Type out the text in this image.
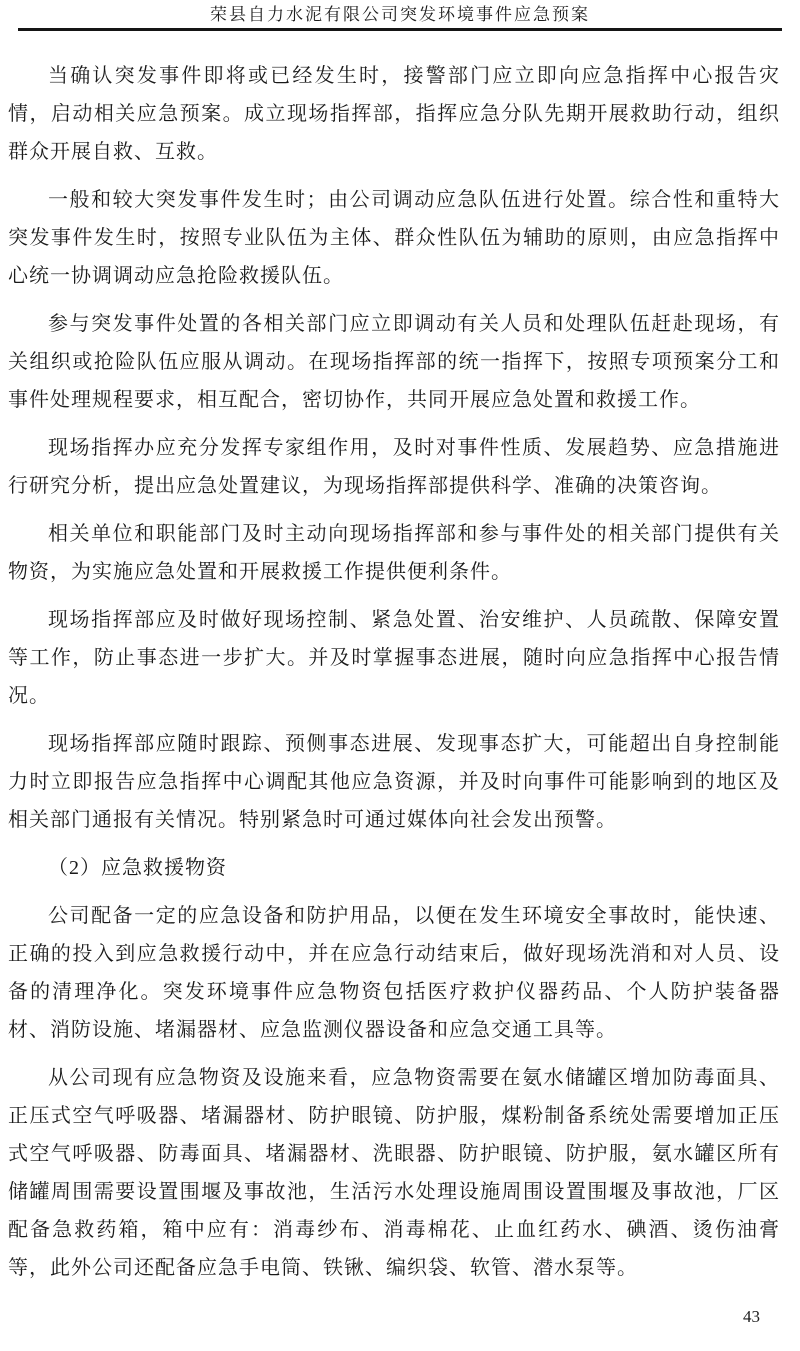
荣县自力水泥有限公司突发环境事件应急预案

当确认突发事件即将或已经发生时，接警部门应立即向应急指挥中心报告灾情，启动相关应急预案。成立现场指挥部，指挥应急分队先期开展救助行动，组织群众开展自救、互救。

一般和较大突发事件发生时；由公司调动应急队伍进行处置。综合性和重特大突发事件发生时，按照专业队伍为主体、群众性队伍为辅助的原则，由应急指挥中心统一协调调动应急抢险救援队伍。

参与突发事件处置的各相关部门应立即调动有关人员和处理队伍赶赴现场，有关组织或抢险队伍应服从调动。在现场指挥部的统一指挥下，按照专项预案分工和事件处理规程要求，相互配合，密切协作，共同开展应急处置和救援工作。

现场指挥办应充分发挥专家组作用，及时对事件性质、发展趋势、应急措施进行研究分析，提出应急处置建议，为现场指挥部提供科学、准确的决策咨询。

相关单位和职能部门及时主动向现场指挥部和参与事件处的相关部门提供有关物资，为实施应急处置和开展救援工作提供便利条件。

现场指挥部应及时做好现场控制、紧急处置、治安维护、人员疏散、保障安置等工作，防止事态进一步扩大。并及时掌握事态进展，随时向应急指挥中心报告情况。

现场指挥部应随时跟踪、预侧事态进展、发现事态扩大，可能超出自身控制能力时立即报告应急指挥中心调配其他应急资源，并及时向事件可能影响到的地区及相关部门通报有关情况。特别紧急时可通过媒体向社会发出预警。

（2）应急救援物资

公司配备一定的应急设备和防护用品，以便在发生环境安全事故时，能快速、正确的投入到应急救援行动中，并在应急行动结束后，做好现场洗消和对人员、设备的清理净化。突发环境事件应急物资包括医疗救护仪器药品、个人防护装备器材、消防设施、堵漏器材、应急监测仪器设备和应急交通工具等。

从公司现有应急物资及设施来看，应急物资需要在氨水储罐区增加防毒面具、正压式空气呼吸器、堵漏器材、防护眼镜、防护服，煤粉制备系统处需要增加正压式空气呼吸器、防毒面具、堵漏器材、洗眼器、防护眼镜、防护服，氨水罐区所有储罐周围需要设置围堰及事故池，生活污水处理设施周围设置围堰及事故池，厂区配备急救药箱，箱中应有：消毒纱布、消毒棉花、止血红药水、碘酒、烫伤油膏等，此外公司还配备应急手电筒、铁锹、编织袋、软管、潜水泵等。

43
